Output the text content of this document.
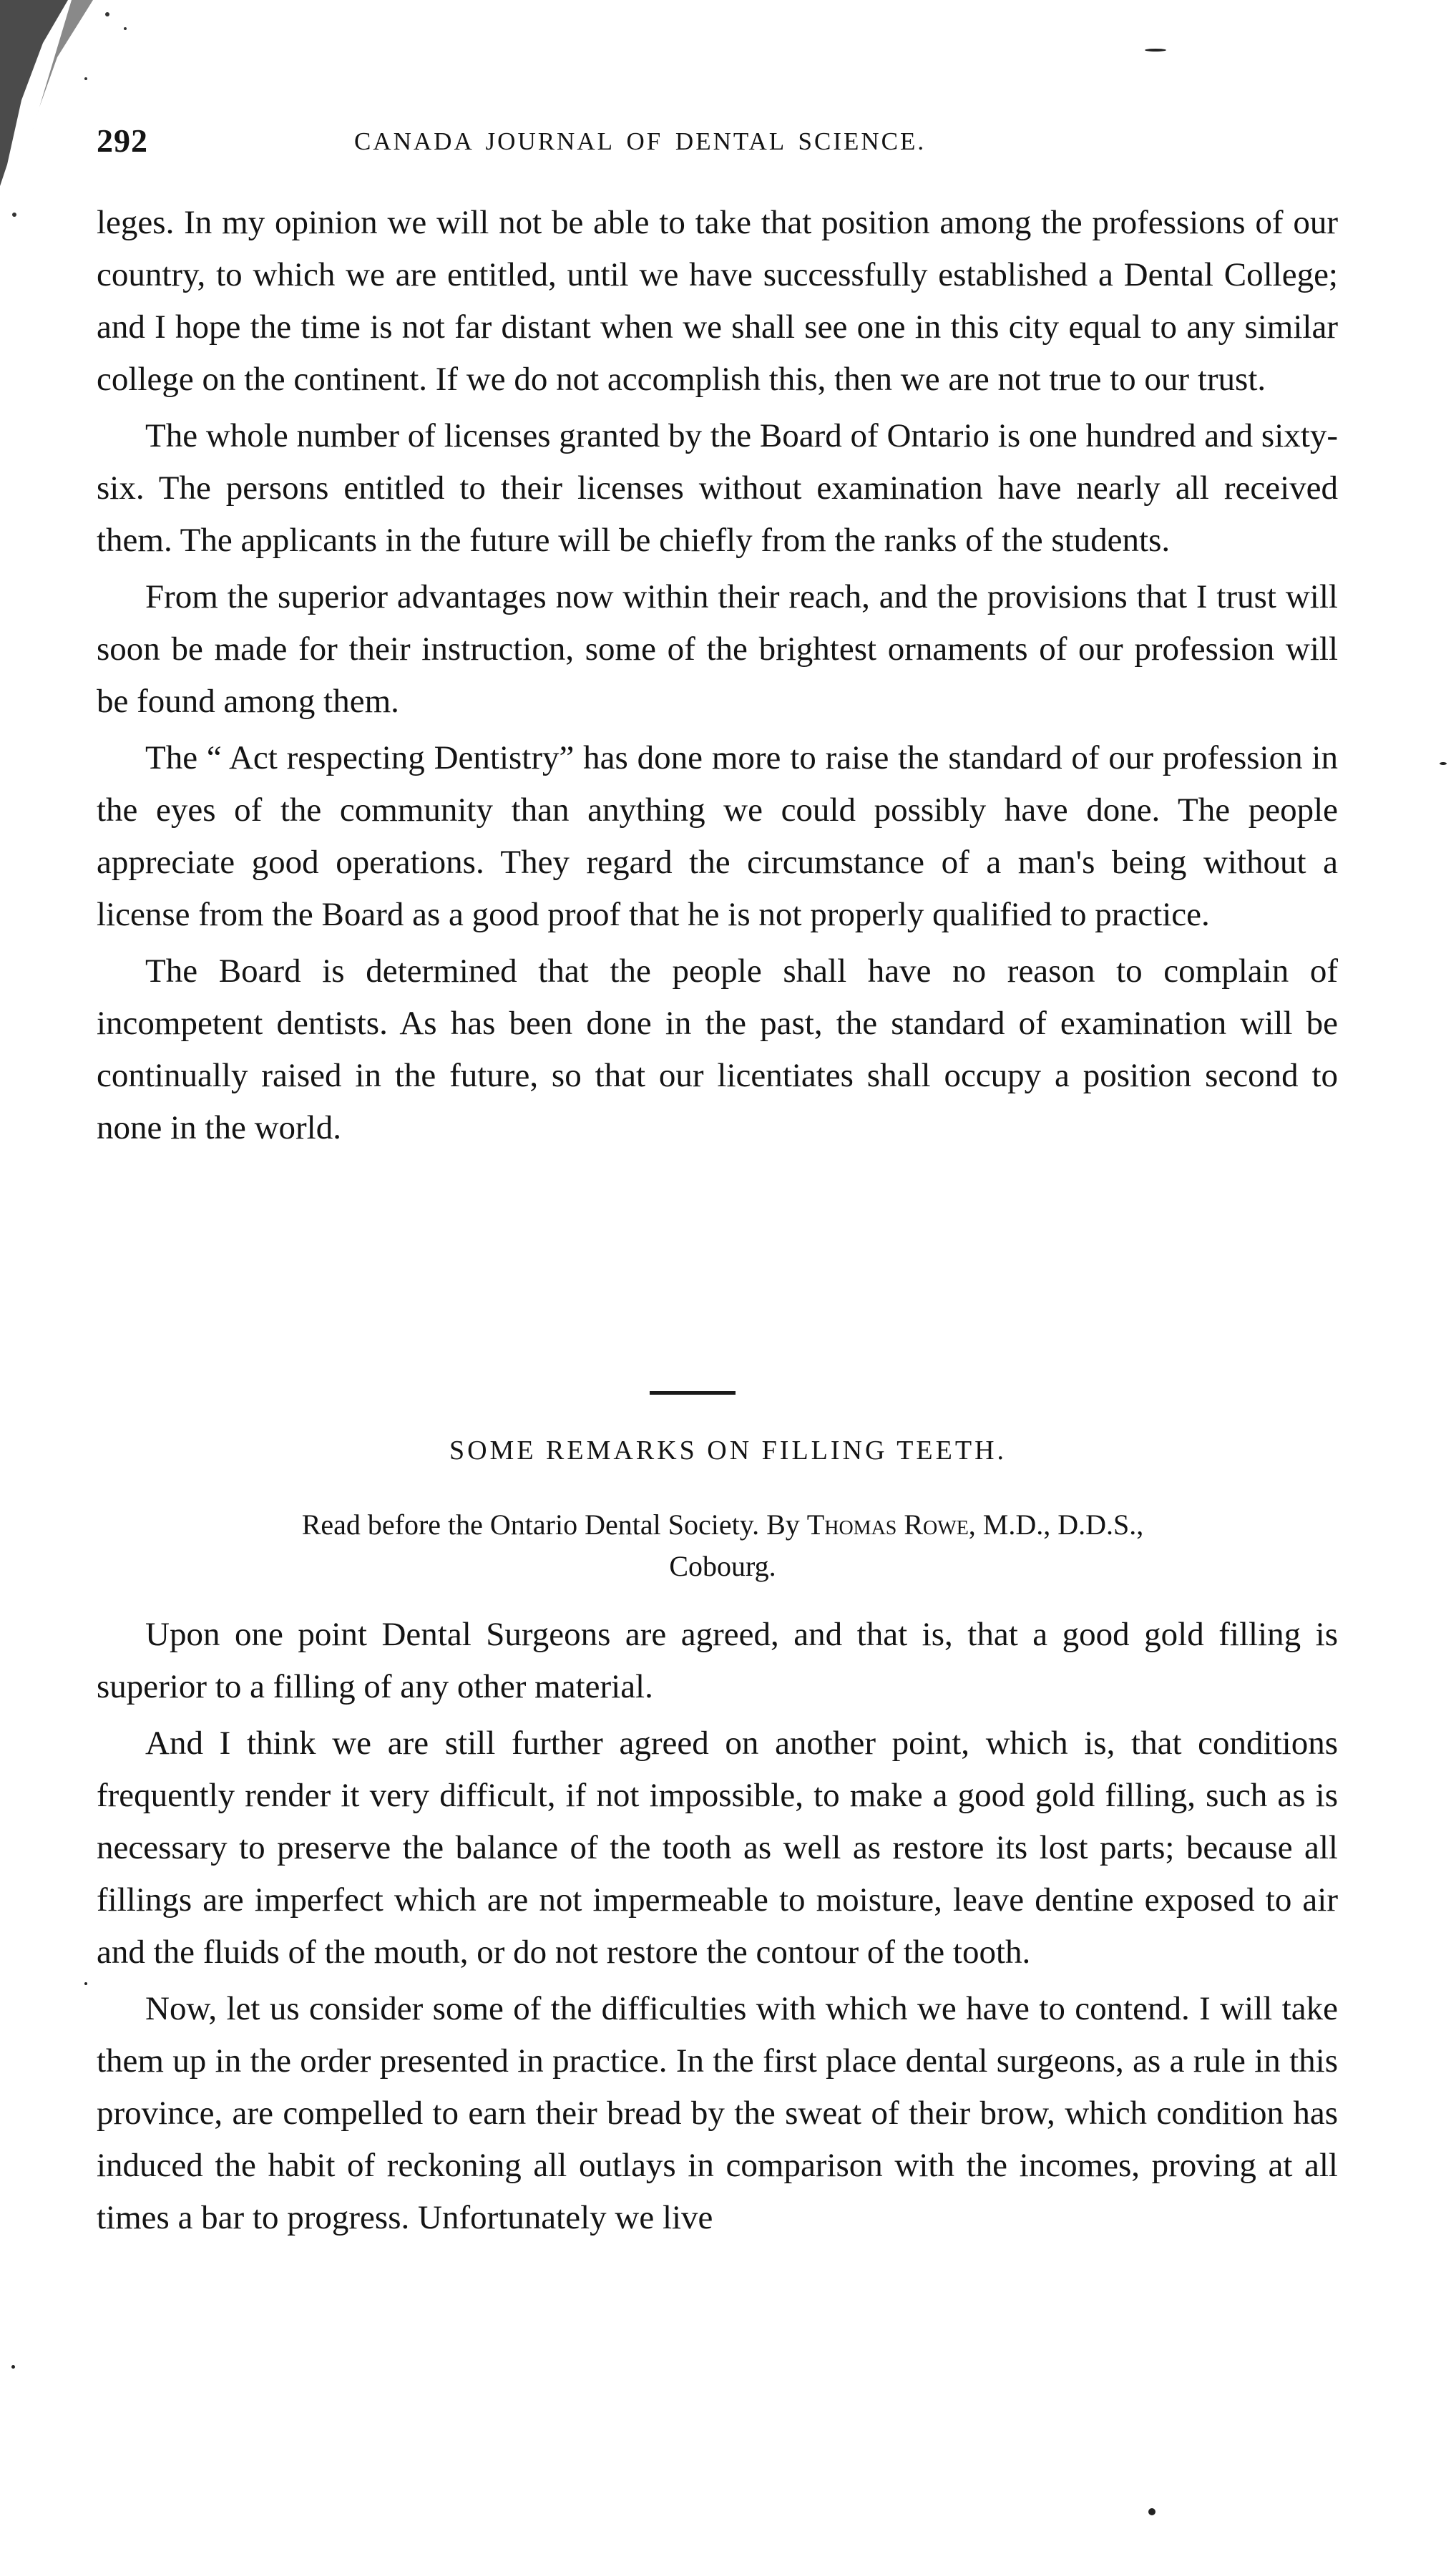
292	CANADA JOURNAL OF DENTAL SCIENCE.

leges. In my opinion we will not be able to take that position among the professions of our country, to which we are entitled, until we have successfully established a Dental College; and I hope the time is not far distant when we shall see one in this city equal to any similar college on the continent. If we do not accomplish this, then we are not true to our trust.

The whole number of licenses granted by the Board of Ontario is one hundred and sixty-six. The persons entitled to their licenses without examination have nearly all received them. The applicants in the future will be chiefly from the ranks of the students.

From the superior advantages now within their reach, and the provisions that I trust will soon be made for their instruction, some of the brightest ornaments of our profession will be found among them.

The “ Act respecting Dentistry” has done more to raise the standard of our profession in the eyes of the community than anything we could possibly have done. The people appreciate good operations. They regard the circumstance of a man's being without a license from the Board as a good proof that he is not properly qualified to practice.

The Board is determined that the people shall have no reason to complain of incompetent dentists. As has been done in the past, the standard of examination will be continually raised in the future, so that our licentiates shall occupy a position second to none in the world.

SOME REMARKS ON FILLING TEETH.
Read before the Ontario Dental Society. By Thomas Rowe, M.D., D.D.S.,
Cobourg.

Upon one point Dental Surgeons are agreed, and that is, that a good gold filling is superior to a filling of any other material.

And I think we are still further agreed on another point, which is, that conditions frequently render it very difficult, if not impossible, to make a good gold filling, such as is necessary to preserve the balance of the tooth as well as restore its lost parts; because all fillings are imperfect which are not impermeable to moisture, leave dentine exposed to air and the fluids of the mouth, or do not restore the contour of the tooth.

Now, let us consider some of the difficulties with which we have to contend. I will take them up in the order presented in practice. In the first place dental surgeons, as a rule in this province, are compelled to earn their bread by the sweat of their brow, which condition has induced the habit of reckoning all outlays in comparison with the incomes, proving at all times a bar to progress. Unfortunately we live
